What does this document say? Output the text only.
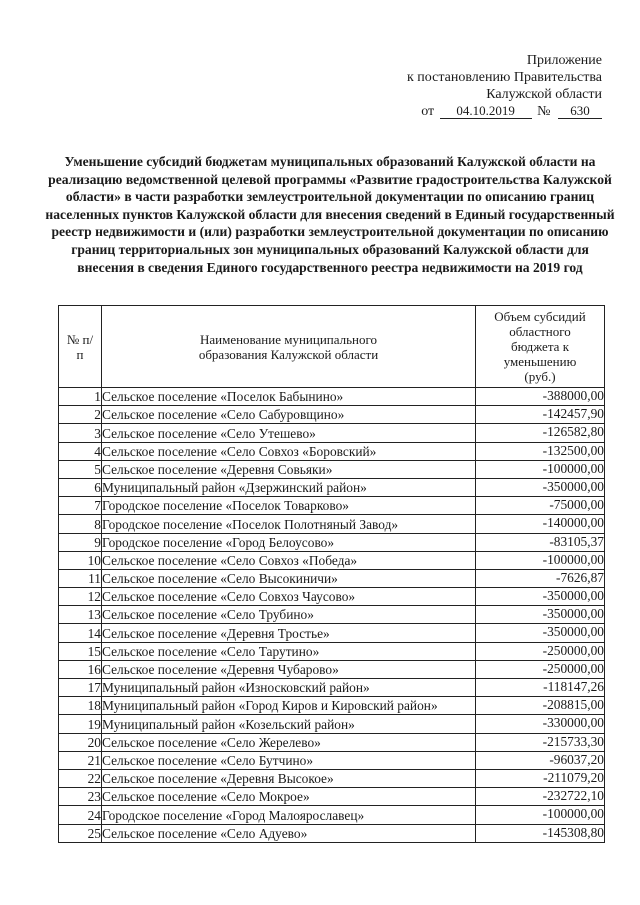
Приложение
к постановлению Правительства
Калужской области
от 04.10.2019 № 630
Уменьшение субсидий бюджетам муниципальных образований Калужской области на реализацию ведомственной целевой программы «Развитие градостроительства Калужской области» в части разработки землеустроительной документации по описанию границ населенных пунктов Калужской области для внесения сведений в Единый государственный реестр недвижимости и (или) разработки землеустроительной документации по описанию границ территориальных зон муниципальных образований Калужской области для внесения в сведения Единого государственного реестра недвижимости на 2019 год
№ п/п	Наименование муниципального образования Калужской области	Объем субсидий областного бюджета к уменьшению (руб.)
1	Сельское поселение «Поселок Бабынино»	-388000,00
2	Сельское поселение «Село Сабуровщино»	-142457,90
3	Сельское поселение «Село Утешево»	-126582,80
4	Сельское поселение «Село Совхоз «Боровский»	-132500,00
5	Сельское поселение «Деревня Совьяки»	-100000,00
6	Муниципальный район «Дзержинский район»	-350000,00
7	Городское поселение «Поселок Товарково»	-75000,00
8	Городское поселение «Поселок Полотняный Завод»	-140000,00
9	Городское поселение «Город Белоусово»	-83105,37
10	Сельское поселение «Село Совхоз «Победа»	-100000,00
11	Сельское поселение «Село Высокиничи»	-7626,87
12	Сельское поселение «Село Совхоз Чаусово»	-350000,00
13	Сельское поселение «Село Трубино»	-350000,00
14	Сельское поселение «Деревня Тростье»	-350000,00
15	Сельское поселение «Село Тарутино»	-250000,00
16	Сельское поселение «Деревня Чубарово»	-250000,00
17	Муниципальный район «Износковский район»	-118147,26
18	Муниципальный район «Город Киров и Кировский район»	-208815,00
19	Муниципальный район «Козельский район»	-330000,00
20	Сельское поселение «Село Жерелево»	-215733,30
21	Сельское поселение «Село Бутчино»	-96037,20
22	Сельское поселение «Деревня Высокое»	-211079,20
23	Сельское поселение «Село Мокрое»	-232722,10
24	Городское поселение «Город Малоярославец»	-100000,00
25	Сельское поселение «Село Адуево»	-145308,80
